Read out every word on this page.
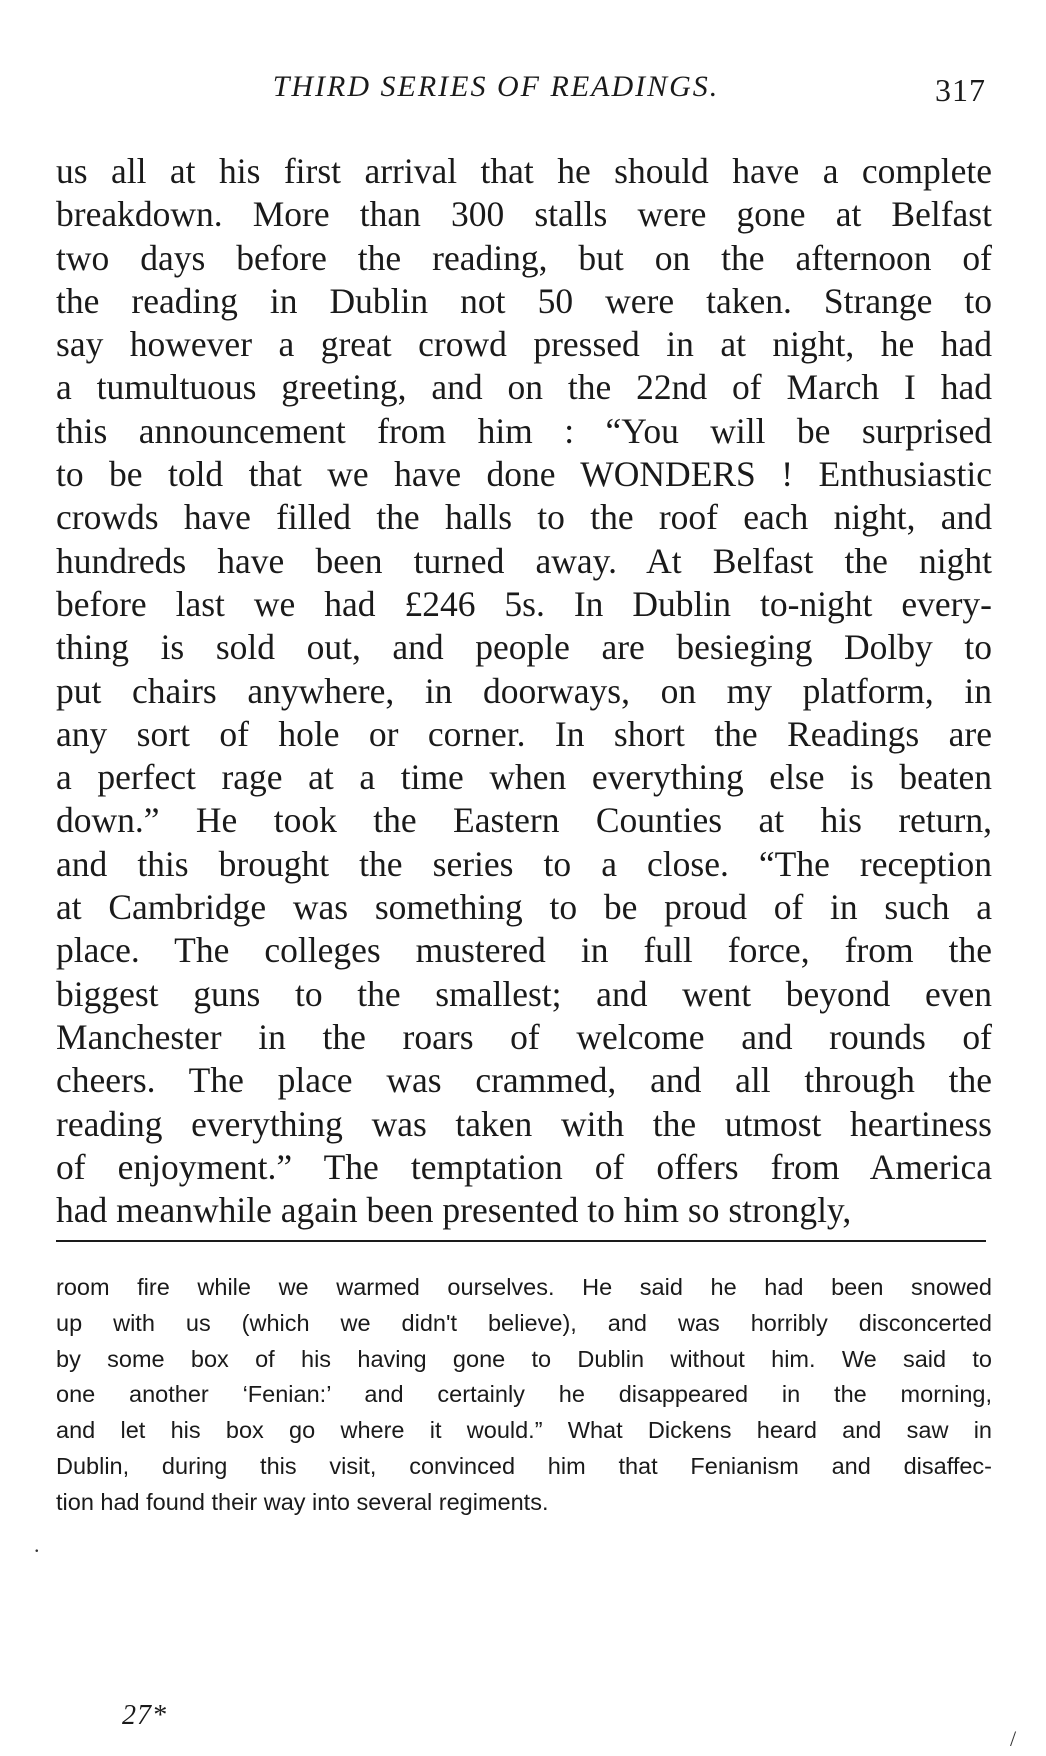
THIRD SERIES OF READINGS.	317
us all at his first arrival that he should have a complete
breakdown. More than 300 stalls were gone at Belfast
two days before the reading, but on the afternoon of
the reading in Dublin not 50 were taken. Strange to
say however a great crowd pressed in at night, he had
a tumultuous greeting, and on the 22nd of March I had
this announcement from him : “You will be surprised
to be told that we have done WONDERS ! Enthusiastic
crowds have filled the halls to the roof each night, and
hundreds have been turned away. At Belfast the night
before last we had £246 5s. In Dublin to-night every-
thing is sold out, and people are besieging Dolby to
put chairs anywhere, in doorways, on my platform, in
any sort of hole or corner. In short the Readings are
a perfect rage at a time when everything else is beaten
down.” He took the Eastern Counties at his return,
and this brought the series to a close. “The reception
at Cambridge was something to be proud of in such a
place. The colleges mustered in full force, from the
biggest guns to the smallest; and went beyond even
Manchester in the roars of welcome and rounds of
cheers. The place was crammed, and all through the
reading everything was taken with the utmost heartiness
of enjoyment.” The temptation of offers from America
had meanwhile again been presented to him so strongly,
room fire while we warmed ourselves. He said he had been snowed
up with us (which we didn't believe), and was horribly disconcerted
by some box of his having gone to Dublin without him. We said to
one another ‘Fenian:’ and certainly he disappeared in the morning,
and let his box go where it would.” What Dickens heard and saw in
Dublin, during this visit, convinced him that Fenianism and disaffec-
tion had found their way into several regiments.
27*
.
/
